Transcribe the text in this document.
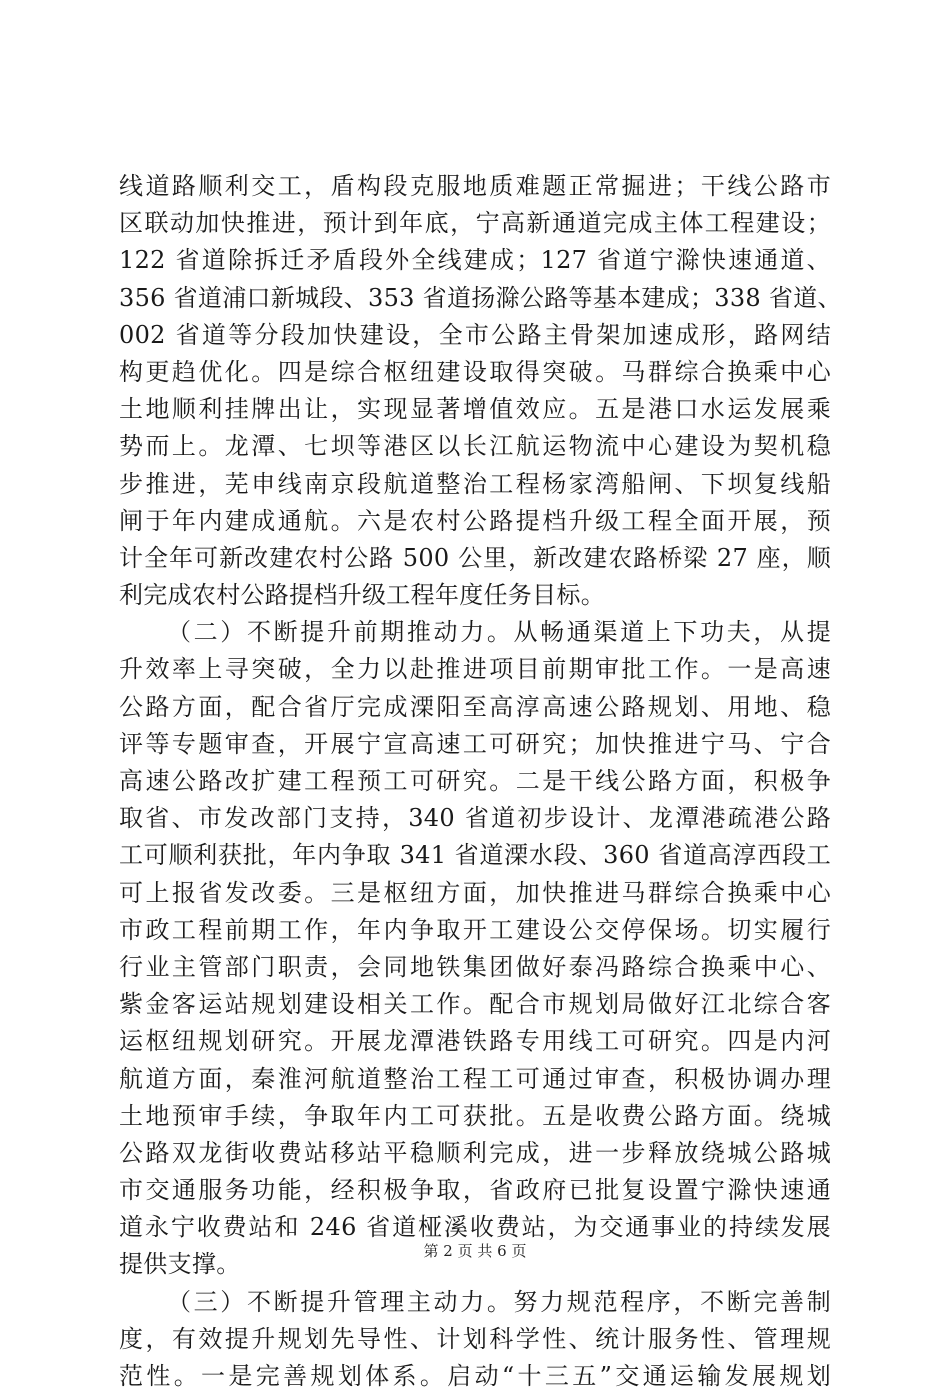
线道路顺利交工，盾构段克服地质难题正常掘进；干线公路市
区联动加快推进，预计到年底，宁高新通道完成主体工程建设；
122 省道除拆迁矛盾段外全线建成；127 省道宁滁快速通道、
356 省道浦口新城段、353 省道扬滁公路等基本建成；338 省道、
002 省道等分段加快建设，全市公路主骨架加速成形，路网结
构更趋优化。四是综合枢纽建设取得突破。马群综合换乘中心
土地顺利挂牌出让，实现显著增值效应。五是港口水运发展乘
势而上。龙潭、七坝等港区以长江航运物流中心建设为契机稳
步推进，芜申线南京段航道整治工程杨家湾船闸、下坝复线船
闸于年内建成通航。六是农村公路提档升级工程全面开展，预
计全年可新改建农村公路 500 公里，新改建农路桥梁 27 座，顺
利完成农村公路提档升级工程年度任务目标。
（二）不断提升前期推动力。从畅通渠道上下功夫，从提
升效率上寻突破，全力以赴推进项目前期审批工作。一是高速
公路方面，配合省厅完成溧阳至高淳高速公路规划、用地、稳
评等专题审查，开展宁宣高速工可研究；加快推进宁马、宁合
高速公路改扩建工程预工可研究。二是干线公路方面，积极争
取省、市发改部门支持，340 省道初步设计、龙潭港疏港公路
工可顺利获批，年内争取 341 省道溧水段、360 省道高淳西段工
可上报省发改委。三是枢纽方面，加快推进马群综合换乘中心
市政工程前期工作，年内争取开工建设公交停保场。切实履行
行业主管部门职责，会同地铁集团做好泰冯路综合换乘中心、
紫金客运站规划建设相关工作。配合市规划局做好江北综合客
运枢纽规划研究。开展龙潭港铁路专用线工可研究。四是内河
航道方面，秦淮河航道整治工程工可通过审查，积极协调办理
土地预审手续，争取年内工可获批。五是收费公路方面。绕城
公路双龙街收费站移站平稳顺利完成，进一步释放绕城公路城
市交通服务功能，经积极争取，省政府已批复设置宁滁快速通
道永宁收费站和 246 省道桠溪收费站，为交通事业的持续发展
提供支撑。
（三）不断提升管理主动力。努力规范程序，不断完善制
度，有效提升规划先导性、计划科学性、统计服务性、管理规
范性。一是完善规划体系。启动“十三五”交通运输发展规划
第 2 页 共 6 页
